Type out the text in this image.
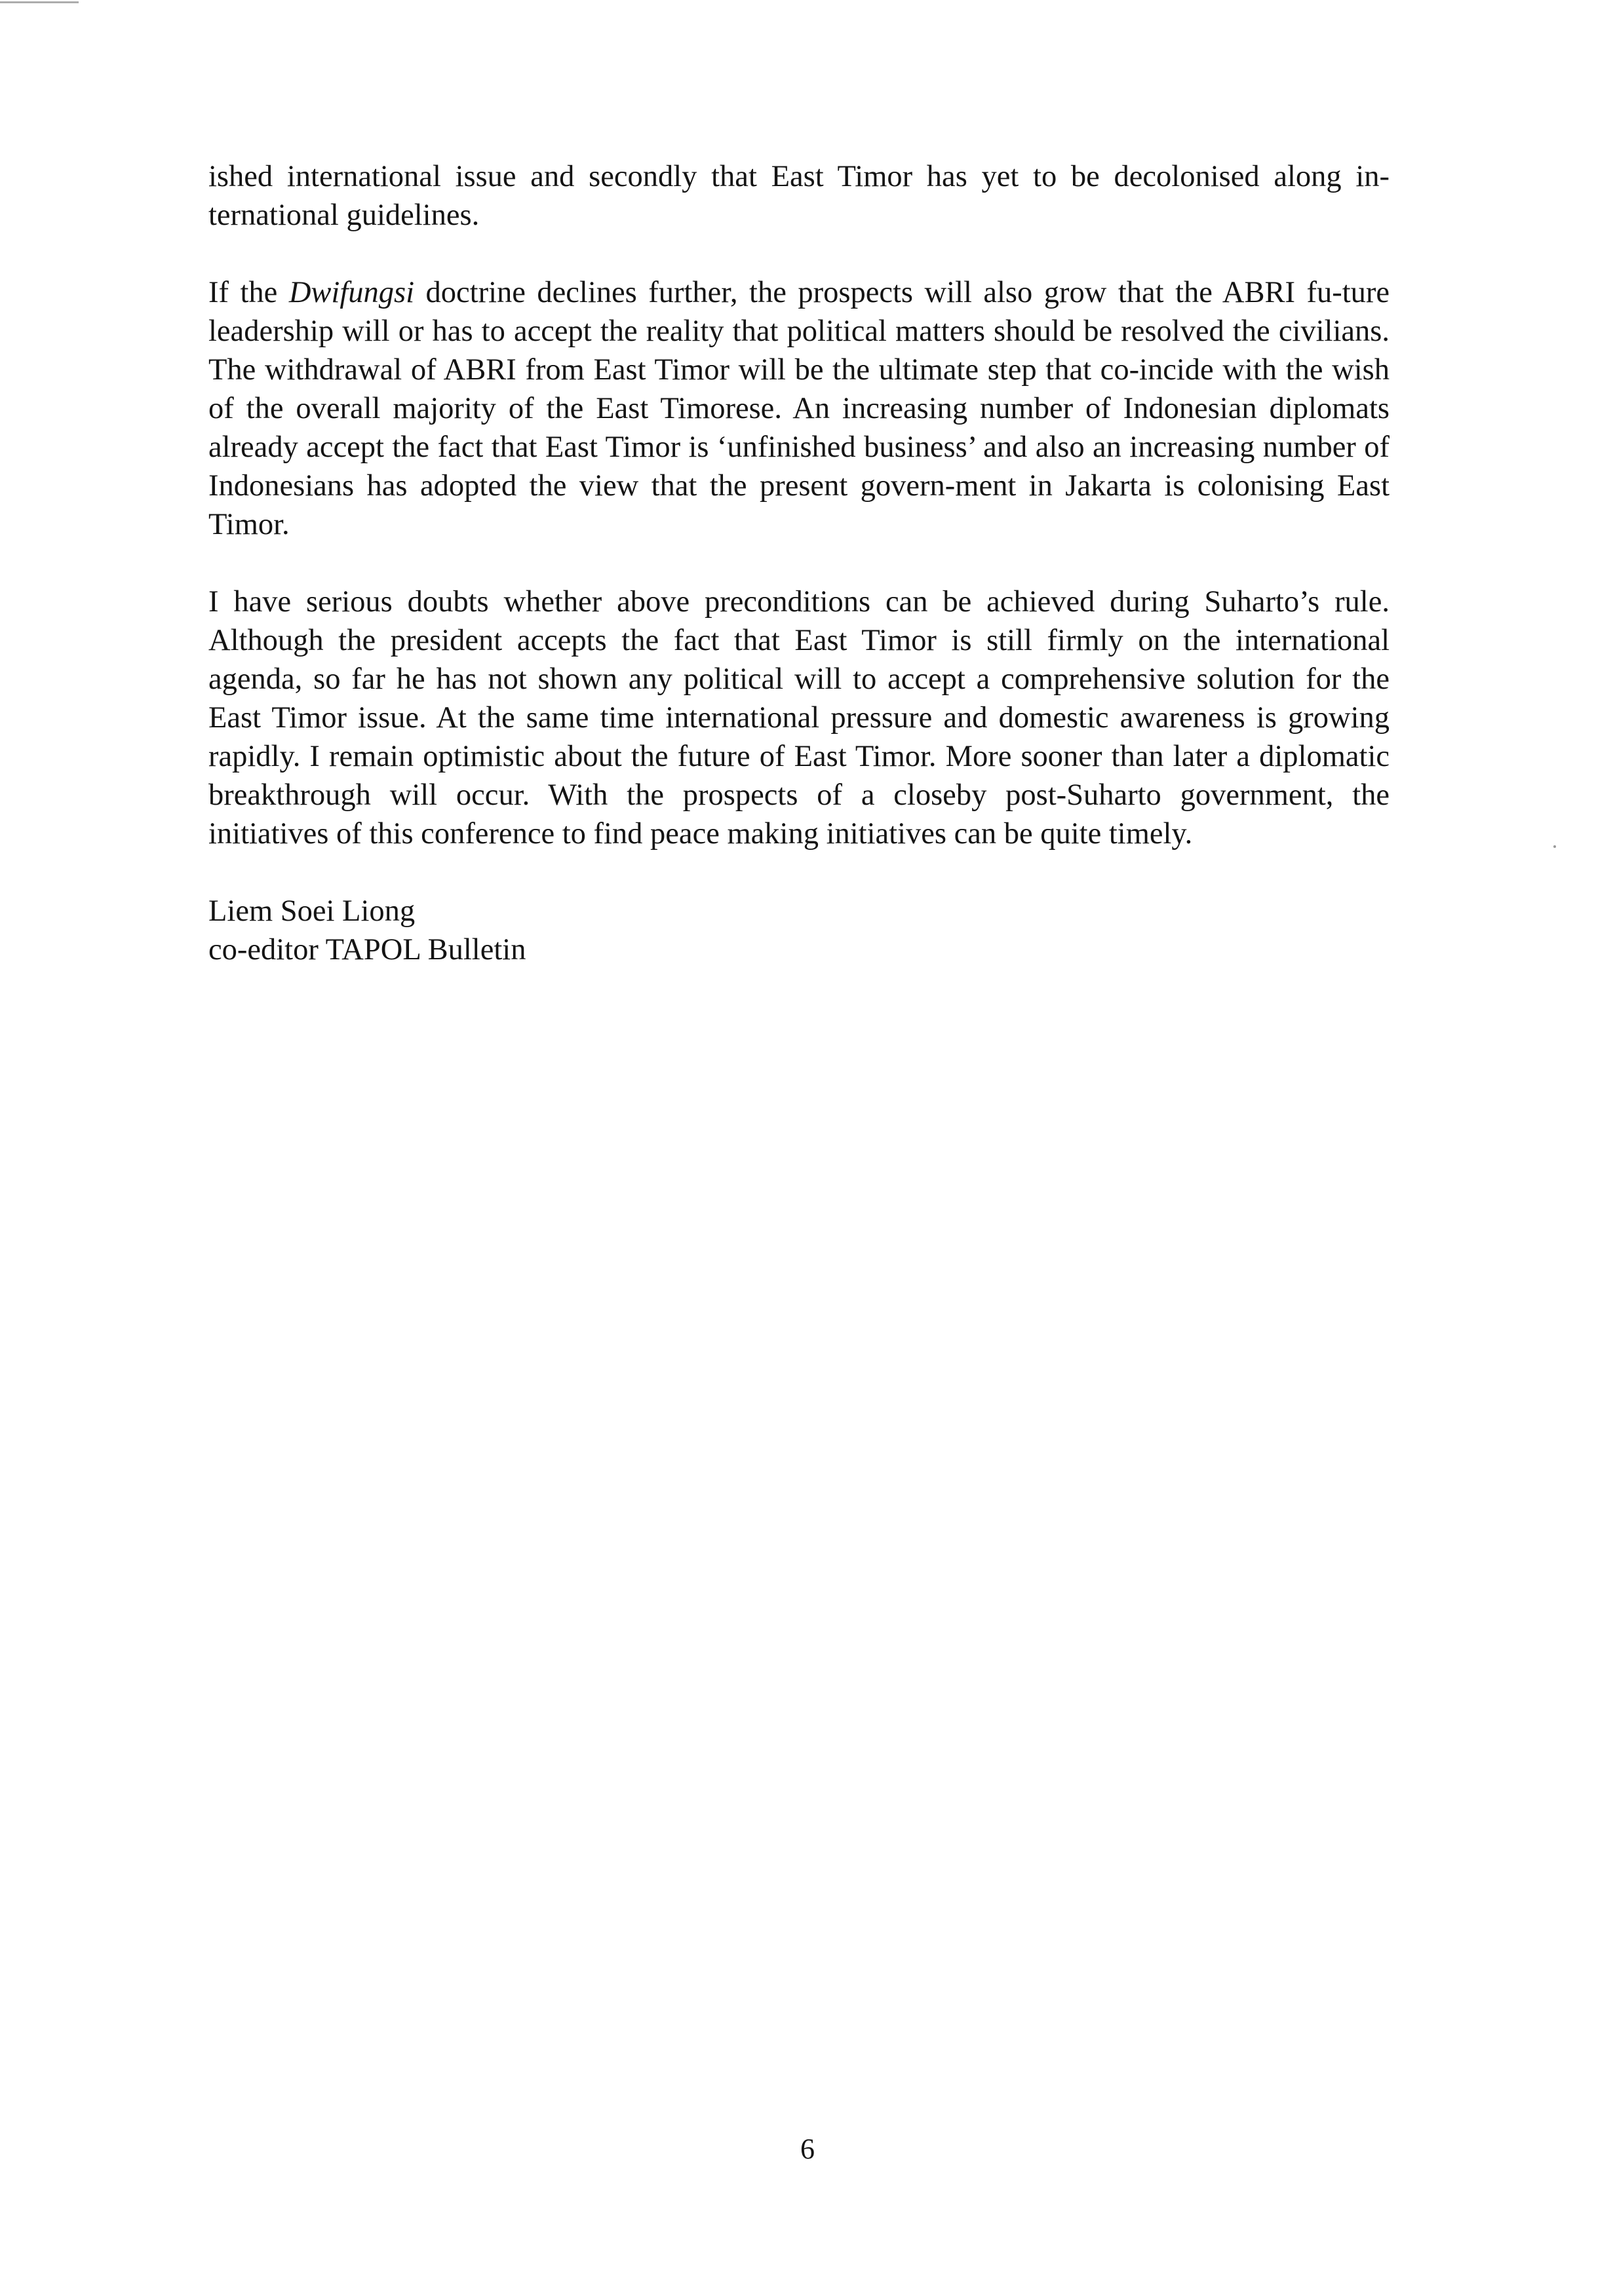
ished international issue and secondly that East Timor has yet to be decolonised along in-ternational guidelines.

If the Dwifungsi doctrine declines further, the prospects will also grow that the ABRI fu-ture leadership will or has to accept the reality that political matters should be resolved the civilians. The withdrawal of ABRI from East Timor will be the ultimate step that co-incide with the wish of the overall majority of the East Timorese. An increasing number of Indonesian diplomats already accept the fact that East Timor is ‘unfinished business’ and also an increasing number of Indonesians has adopted the view that the present govern-ment in Jakarta is colonising East Timor.

I have serious doubts whether above preconditions can be achieved during Suharto’s rule. Although the president accepts the fact that East Timor is still firmly on the international agenda, so far he has not shown any political will to accept a comprehensive solution for the East Timor issue. At the same time international pressure and domestic awareness is growing rapidly. I remain optimistic about the future of East Timor. More sooner than later a diplomatic breakthrough will occur. With the prospects of a closeby post-Suharto government, the initiatives of this conference to find peace making initiatives can be quite timely.

Liem Soei Liong
co-editor TAPOL Bulletin
6
